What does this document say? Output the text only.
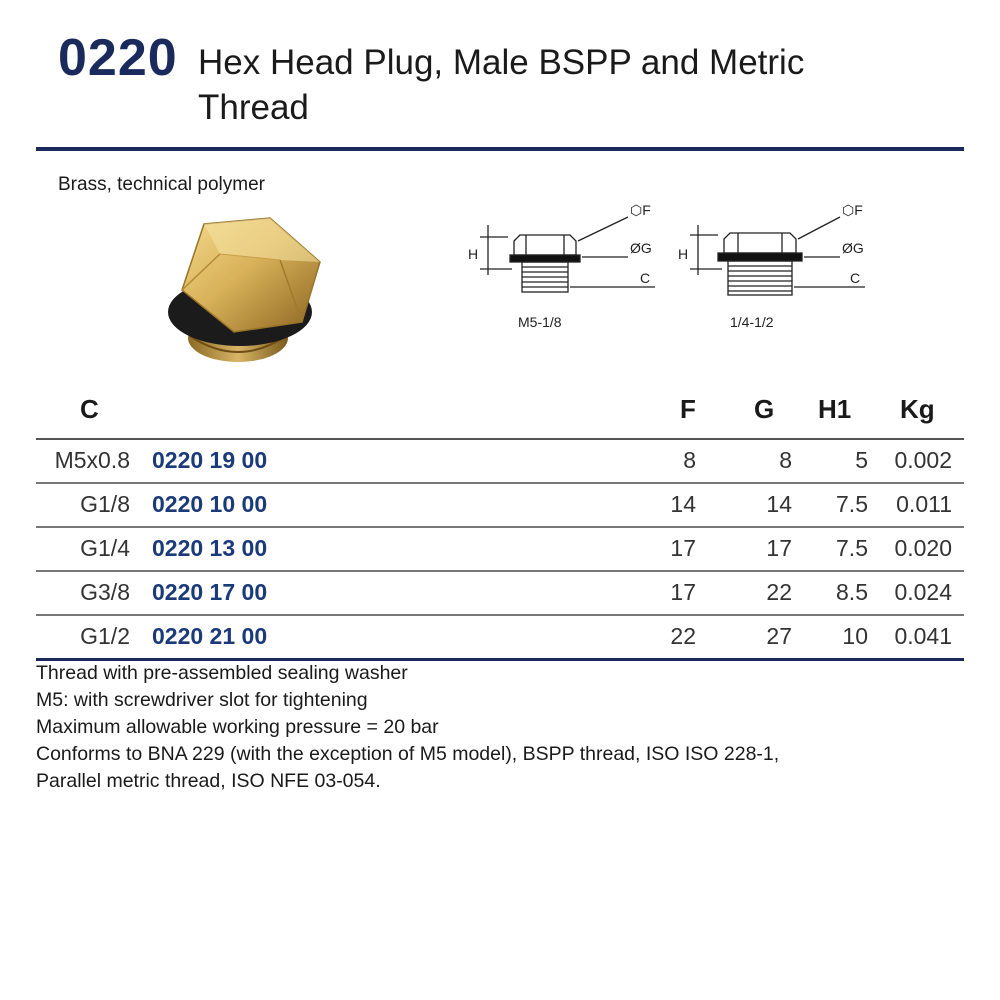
0220 Hex Head Plug, Male BSPP and Metric Thread
Brass, technical polymer
H
⬡F
ØG
C
M5-1/8
H
⬡F
ØG
C
1/4-1/2
C	F G H1 Kg
M5x0.8 0220 19 00	8	8	5	0.002
G1/8 0220 10 00	14	14	7.5	0.011
G1/4 0220 13 00	17	17	7.5	0.020
G3/8 0220 17 00	17	22	8.5	0.024
G1/2 0220 21 00	22	27	10	0.041
Thread with pre-assembled sealing washer
M5: with screwdriver slot for tightening
Maximum allowable working pressure = 20 bar
Conforms to BNA 229 (with the exception of M5 model), BSPP thread, ISO ISO 228-1,
Parallel metric thread, ISO NFE 03-054.
